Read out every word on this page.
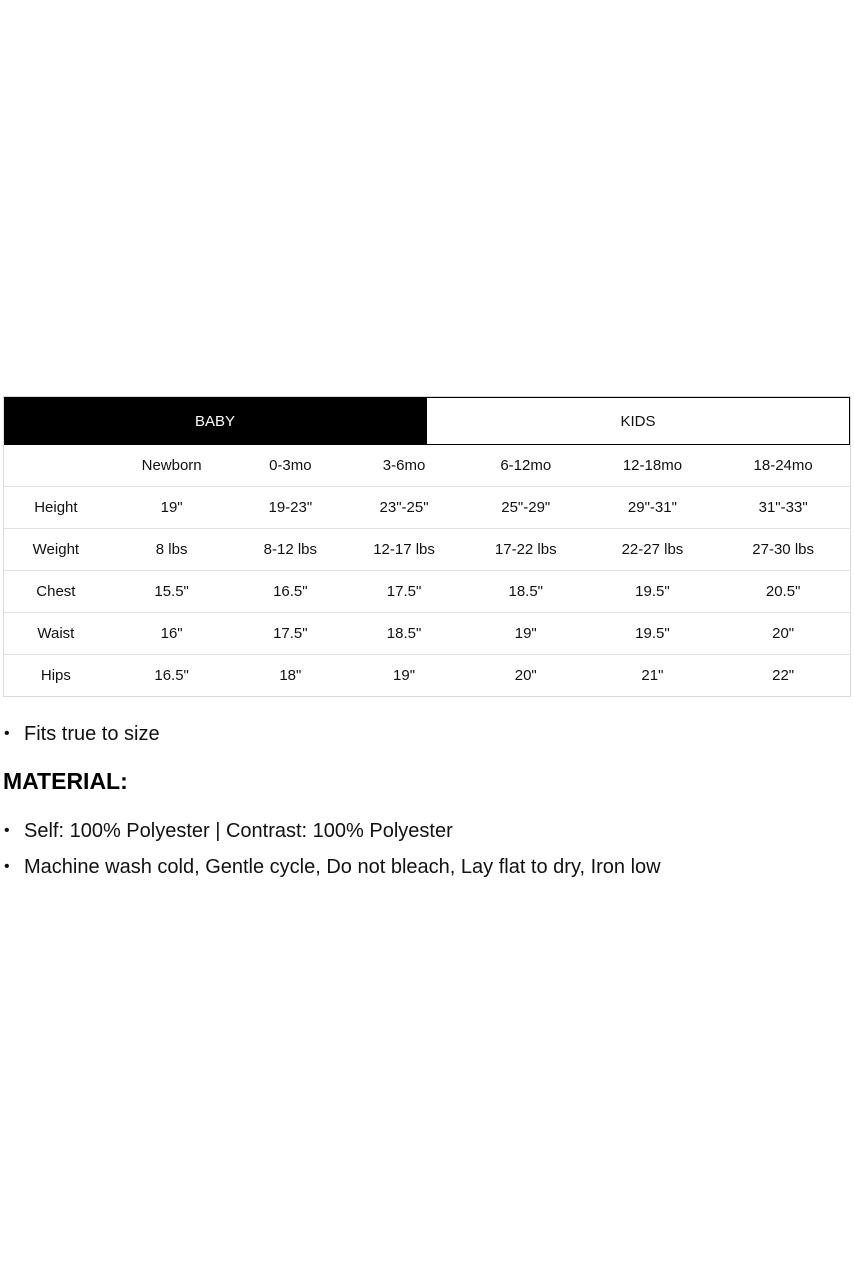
BABY	KIDS
	Newborn	0-3mo	3-6mo	6-12mo	12-18mo	18-24mo
Height	19"	19-23"	23"-25"	25"-29"	29"-31"	31"-33"
Weight	8 lbs	8-12 lbs	12-17 lbs	17-22 lbs	22-27 lbs	27-30 lbs
Chest	15.5"	16.5"	17.5"	18.5"	19.5"	20.5"
Waist	16"	17.5"	18.5"	19"	19.5"	20"
Hips	16.5"	18"	19"	20"	21"	22"
• Fits true to size
MATERIAL:
• Self: 100% Polyester | Contrast: 100% Polyester
• Machine wash cold, Gentle cycle, Do not bleach, Lay flat to dry, Iron low
